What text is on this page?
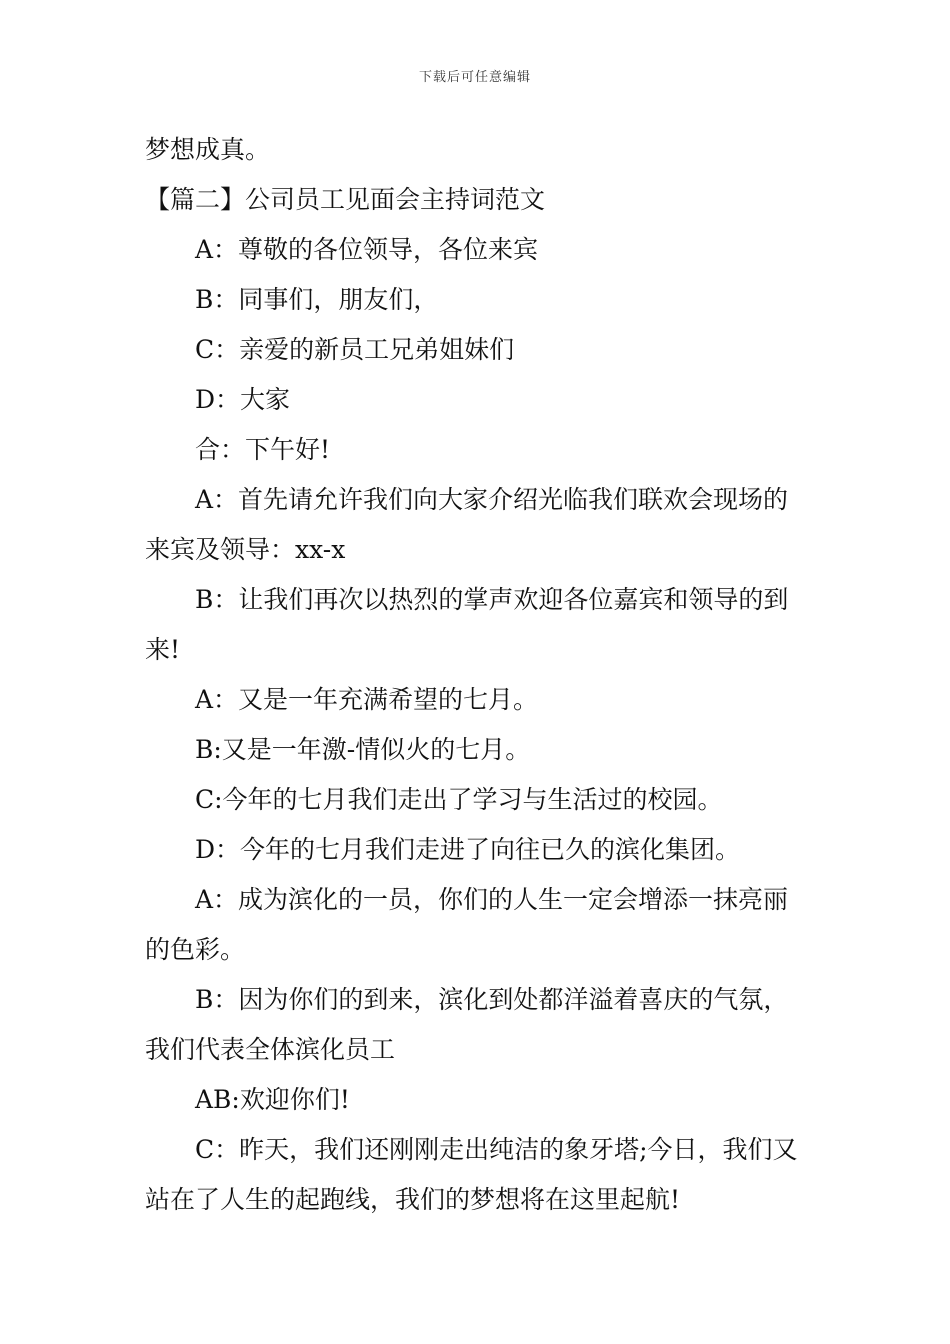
下载后可任意编辑

梦想成真。

【篇二】公司员工见面会主持词范文

A：尊敬的各位领导，各位来宾

B：同事们，朋友们，

C：亲爱的新员工兄弟姐妹们

D：大家

合：下午好!

A：首先请允许我们向大家介绍光临我们联欢会现场的来宾及领导：xx-x

B：让我们再次以热烈的掌声欢迎各位嘉宾和领导的到来!

A：又是一年充满希望的七月。

B:又是一年激-情似火的七月。

C:今年的七月我们走出了学习与生活过的校园。

D：今年的七月我们走进了向往已久的滨化集团。

A：成为滨化的一员，你们的人生一定会增添一抹亮丽的色彩。

B：因为你们的到来，滨化到处都洋溢着喜庆的气氛，我们代表全体滨化员工

AB:欢迎你们!

C：昨天，我们还刚刚走出纯洁的象牙塔;今日，我们又站在了人生的起跑线，我们的梦想将在这里起航!
